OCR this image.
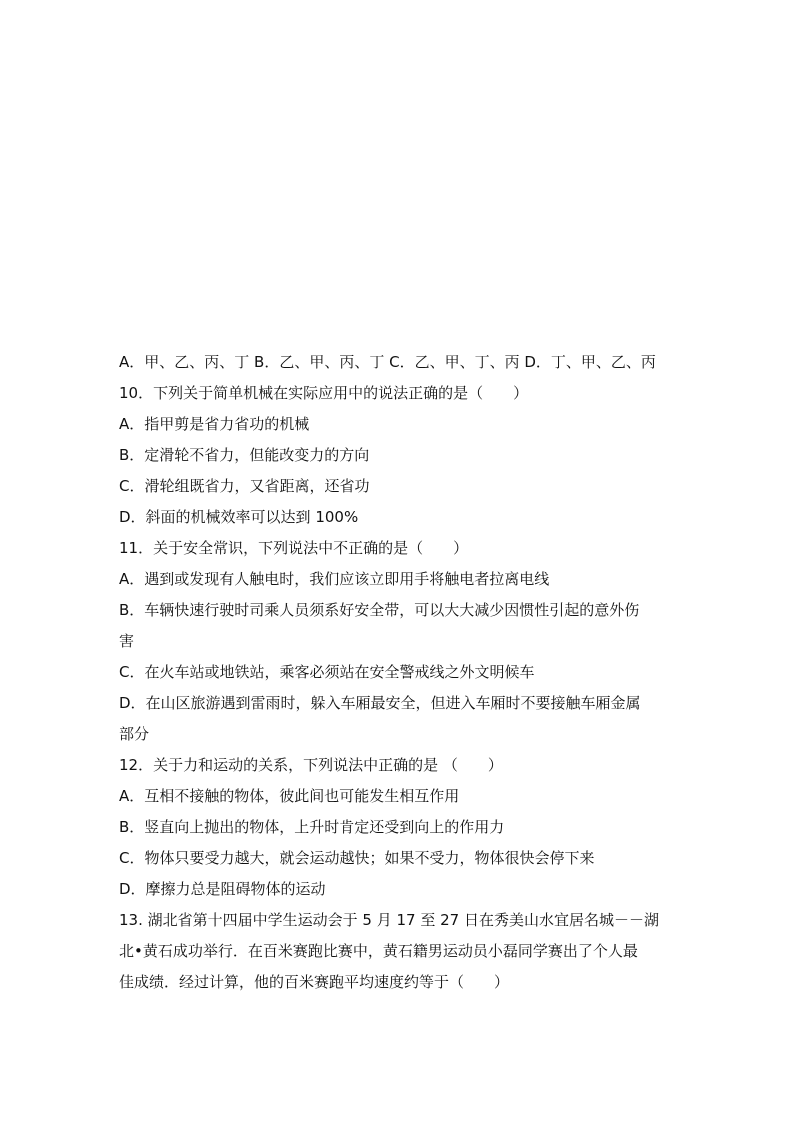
A．甲、乙、丙、丁 B．乙、甲、丙、丁 C．乙、甲、丁、丙 D．丁、甲、乙、丙
10．下列关于简单机械在实际应用中的说法正确的是（　　）
A．指甲剪是省力省功的机械
B．定滑轮不省力，但能改变力的方向
C．滑轮组既省力，又省距离，还省功
D．斜面的机械效率可以达到 100%
11．关于安全常识，下列说法中不正确的是（　　）
A．遇到或发现有人触电时，我们应该立即用手将触电者拉离电线
B．车辆快速行驶时司乘人员须系好安全带，可以大大减少因惯性引起的意外伤
害
C．在火车站或地铁站，乘客必须站在安全警戒线之外文明候车
D．在山区旅游遇到雷雨时，躲入车厢最安全，但进入车厢时不要接触车厢金属
部分
12．关于力和运动的关系，下列说法中正确的是 （　　）
A．互相不接触的物体，彼此间也可能发生相互作用
B．竖直向上抛出的物体，上升时肯定还受到向上的作用力
C．物体只要受力越大，就会运动越快；如果不受力，物体很快会停下来
D．摩擦力总是阻碍物体的运动
13. 湖北省第十四届中学生运动会于 5 月 17 至 27 日在秀美山水宜居名城－－湖
北•黄石成功举行．在百米赛跑比赛中，黄石籍男运动员小磊同学赛出了个人最
佳成绩．经过计算，他的百米赛跑平均速度约等于（　　）
